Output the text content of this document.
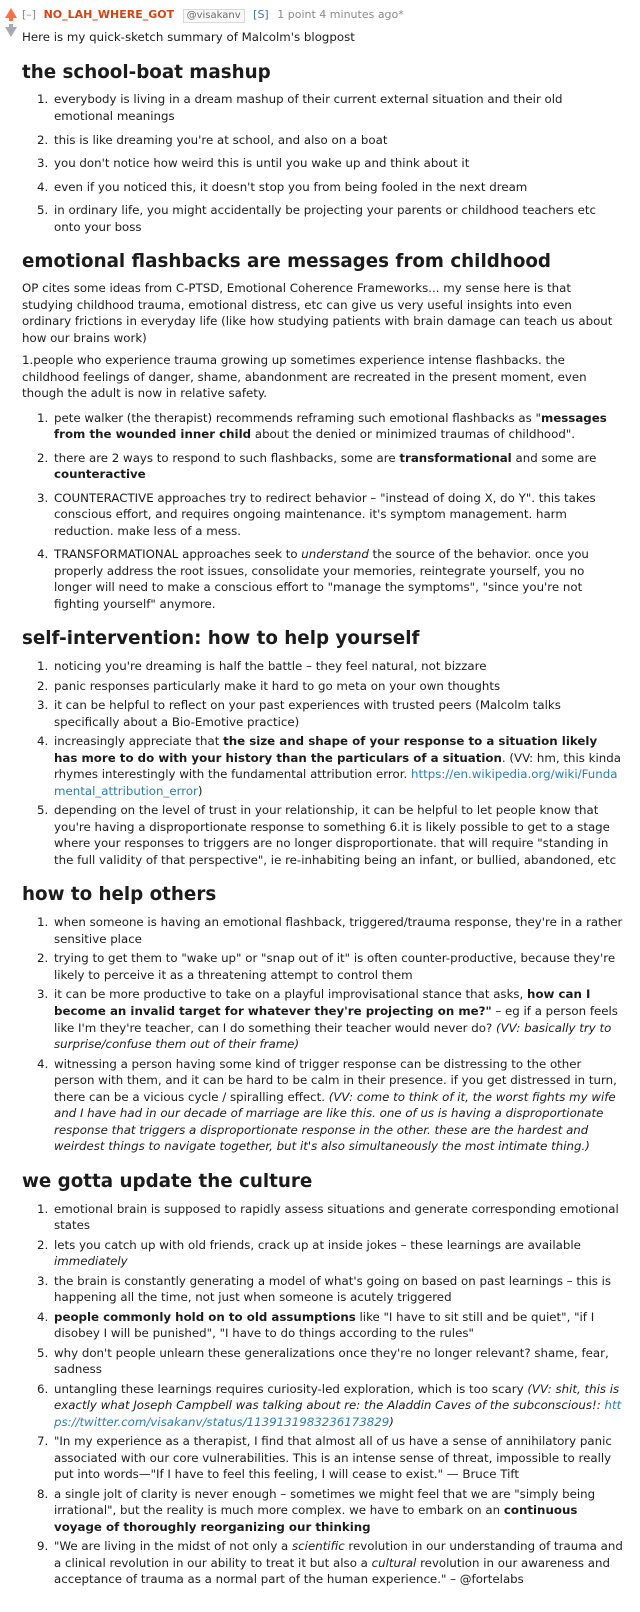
[–] NO_LAH_WHERE_GOT @visakanv [S] 1 point 4 minutes ago*

Here is my quick-sketch summary of Malcolm's blogpost

the school-boat mashup
1. everybody is living in a dream mashup of their current external situation and their old emotional meanings
2. this is like dreaming you're at school, and also on a boat
3. you don't notice how weird this is until you wake up and think about it
4. even if you noticed this, it doesn't stop you from being fooled in the next dream
5. in ordinary life, you might accidentally be projecting your parents or childhood teachers etc onto your boss
emotional flashbacks are messages from childhood

OP cites some ideas from C-PTSD, Emotional Coherence Frameworks... my sense here is that studying childhood trauma, emotional distress, etc can give us very useful insights into even ordinary frictions in everyday life (like how studying patients with brain damage can teach us about how our brains work)

1.people who experience trauma growing up sometimes experience intense flashbacks. the childhood feelings of danger, shame, abandonment are recreated in the present moment, even though the adult is now in relative safety.

1. pete walker (the therapist) recommends reframing such emotional flashbacks as "messages from the wounded inner child about the denied or minimized traumas of childhood".
2. there are 2 ways to respond to such flashbacks, some are transformational and some are counteractive
3. COUNTERACTIVE approaches try to redirect behavior – "instead of doing X, do Y". this takes conscious effort, and requires ongoing maintenance. it's symptom management. harm reduction. make less of a mess.
4. TRANSFORMATIONAL approaches seek to understand the source of the behavior. once you properly address the root issues, consolidate your memories, reintegrate yourself, you no longer will need to make a conscious effort to "manage the symptoms", "since you're not fighting yourself" anymore.
self-intervention: how to help yourself
1. noticing you're dreaming is half the battle – they feel natural, not bizzare
2. panic responses particularly make it hard to go meta on your own thoughts
3. it can be helpful to reflect on your past experiences with trusted peers (Malcolm talks specifically about a Bio-Emotive practice)
4. increasingly appreciate that the size and shape of your response to a situation likely has more to do with your history than the particulars of a situation. (VV: hm, this kinda rhymes interestingly with the fundamental attribution error. https://en.wikipedia.org/wiki/Fundamental_attribution_error)
5. depending on the level of trust in your relationship, it can be helpful to let people know that you're having a disproportionate response to something 6.it is likely possible to get to a stage where your responses to triggers are no longer disproportionate. that will require "standing in the full validity of that perspective", ie re-inhabiting being an infant, or bullied, abandoned, etc
how to help others
1. when someone is having an emotional flashback, triggered/trauma response, they're in a rather sensitive place
2. trying to get them to "wake up" or "snap out of it" is often counter-productive, because they're likely to perceive it as a threatening attempt to control them
3. it can be more productive to take on a playful improvisational stance that asks, how can I become an invalid target for whatever they're projecting on me?" – eg if a person feels like I'm they're teacher, can I do something their teacher would never do? (VV: basically try to surprise/confuse them out of their frame)
4. witnessing a person having some kind of trigger response can be distressing to the other person with them, and it can be hard to be calm in their presence. if you get distressed in turn, there can be a vicious cycle / spiralling effect. (VV: come to think of it, the worst fights my wife and I have had in our decade of marriage are like this. one of us is having a disproportionate response that triggers a disproportionate response in the other. these are the hardest and weirdest things to navigate together, but it's also simultaneously the most intimate thing.)
we gotta update the culture
1. emotional brain is supposed to rapidly assess situations and generate corresponding emotional states
2. lets you catch up with old friends, crack up at inside jokes – these learnings are available immediately
3. the brain is constantly generating a model of what's going on based on past learnings – this is happening all the time, not just when someone is acutely triggered
4. people commonly hold on to old assumptions like "I have to sit still and be quiet", "if I disobey I will be punished", "I have to do things according to the rules"
5. why don't people unlearn these generalizations once they're no longer relevant? shame, fear, sadness
6. untangling these learnings requires curiosity-led exploration, which is too scary (VV: shit, this is exactly what Joseph Campbell was talking about re: the Aladdin Caves of the subconscious!: https://twitter.com/visakanv/status/1139131983236173829)
7. "In my experience as a therapist, I find that almost all of us have a sense of annihilatory panic associated with our core vulnerabilities. This is an intense sense of threat, impossible to really put into words—"If I have to feel this feeling, I will cease to exist." — Bruce Tift
8. a single jolt of clarity is never enough – sometimes we might feel that we are "simply being irrational", but the reality is much more complex. we have to embark on an continuous voyage of thoroughly reorganizing our thinking
9. "We are living in the midst of not only a scientific revolution in our understanding of trauma and a clinical revolution in our ability to treat it but also a cultural revolution in our awareness and acceptance of trauma as a normal part of the human experience." – @fortelabs
